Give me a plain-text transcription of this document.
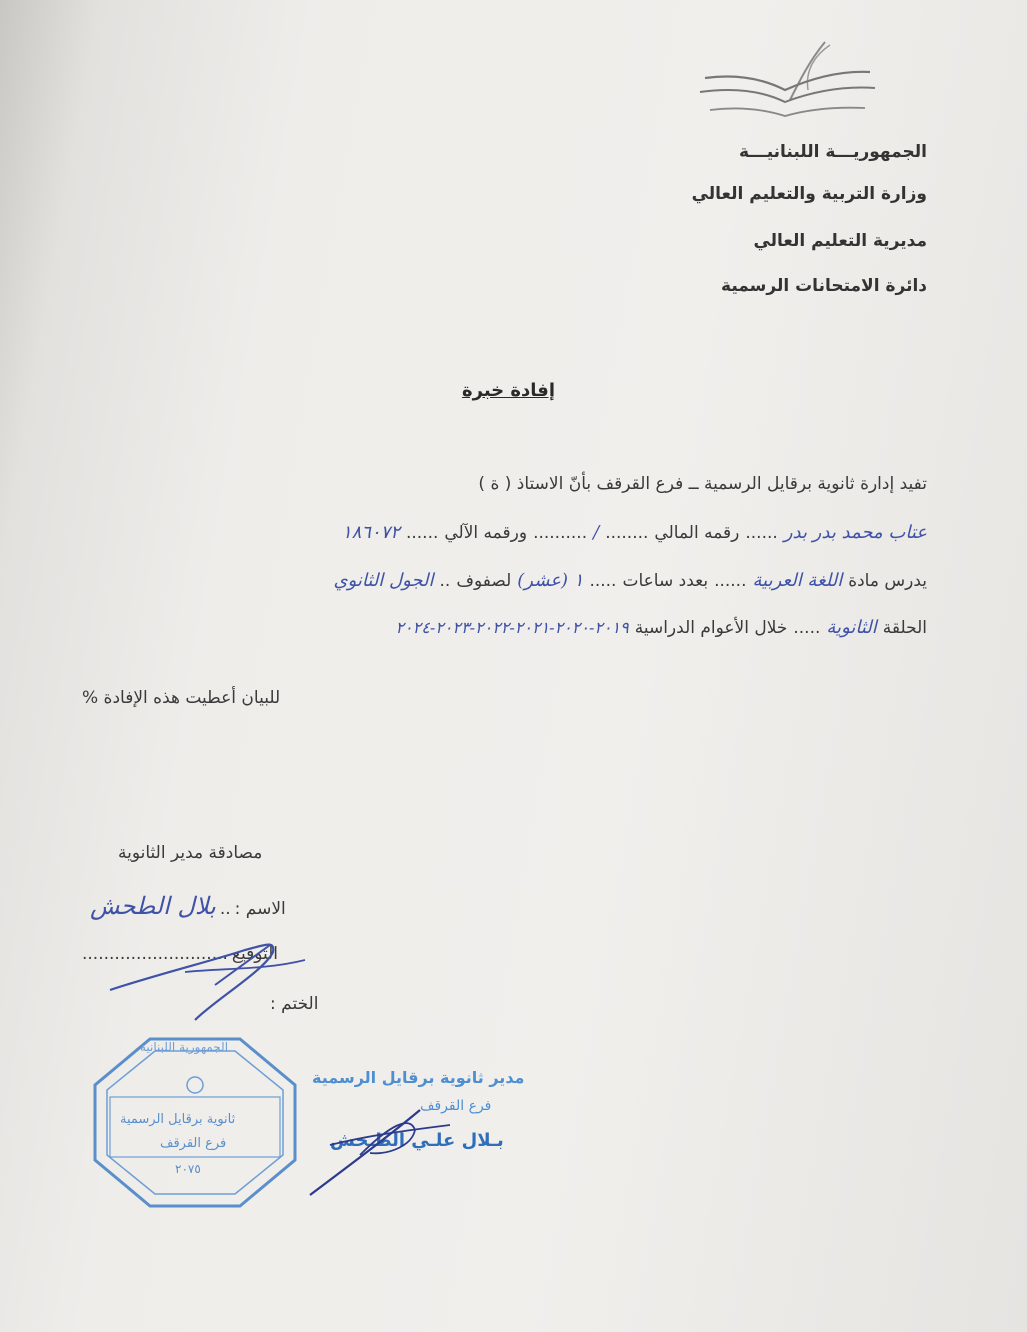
الجمهوريـــة اللبنانيـــة
وزارة التربية والتعليم العالي
مديرية التعليم العالي
دائرة الامتحانات الرسمية
إفادة خبرة
تفيد إدارة ثانوية برقايل الرسمية ــ فرع القرقف بأنّ الاستاذ ( ة )
عتاب محمد بدر بدر
......
رقمه المالي
........
/
..........
ورقمه الآلي
......
١٨٦٠٧٢
يدرس مادة
اللغة العربية
......
بعدد ساعات
.....
١ (عشر)
لصفوف
..
الجول الثانوي
الحلقة
الثانوية
.....
خلال الأعوام الدراسية
٢٠١٩-٢٠٢٠-٢٠٢١-٢٠٢٢-٢٠٢٣-٢٠٢٤
للبيان أعطيت هذه الإفادة %
مصادقة مدير الثانوية
الاسم :
..
بلال الطحش
التوقيع
...........................
الختم :
الجمهورية اللبنانية
ثانوية برقايل الرسمية
فرع القرقف
٢٠٧٥
مدير ثانوية برقايل الرسمية
فرع القرقف
بـلال علـي الطـحش
